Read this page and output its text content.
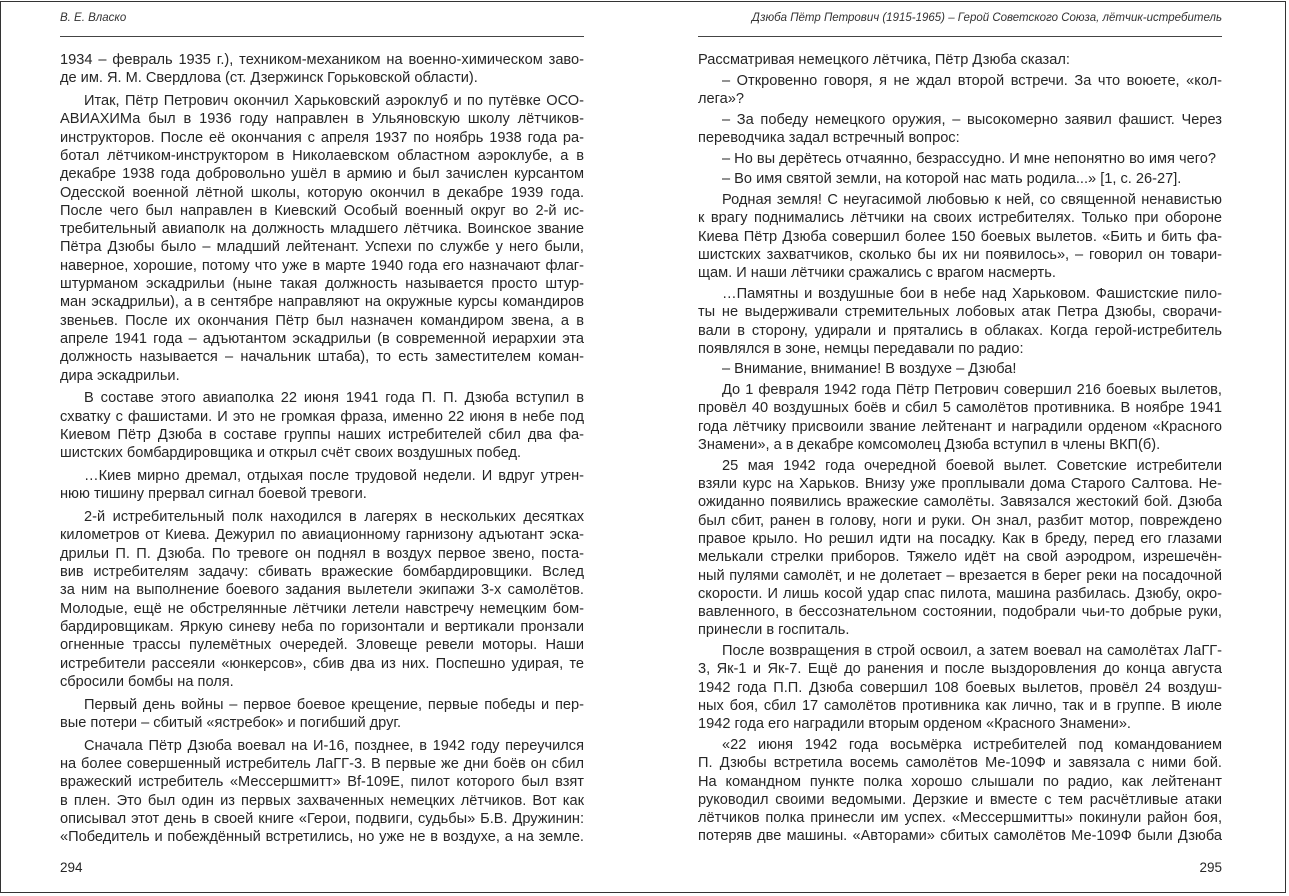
В. Е. Власко
1934 – февраль 1935 г.), техником-механиком на военно-химическом заво-
де им. Я. М. Свердлова (ст. Дзержинск Горьковской области).
Итак, Пётр Петрович окончил Харьковский аэроклуб и по путёвке ОСО-
АВИАХИМа был в 1936 году направлен в Ульяновскую школу лётчиков-
инструкторов. После её окончания с апреля 1937 по ноябрь 1938 года ра-
ботал лётчиком-инструктором в Николаевском областном аэроклубе, а в
декабре 1938 года добровольно ушёл в армию и был зачислен курсантом
Одесской военной лётной школы, которую окончил в декабре 1939 года.
После чего был направлен в Киевский Особый военный округ во 2-й ис-
требительный авиаполк на должность младшего лётчика. Воинское звание
Пётра Дзюбы было – младший лейтенант. Успехи по службе у него были,
наверное, хорошие, потому что уже в марте 1940 года его назначают флаг-
штурманом эскадрильи (ныне такая должность называется просто штур-
ман эскадрильи), а в сентябре направляют на окружные курсы командиров
звеньев. После их окончания Пётр был назначен командиром звена, а в
апреле 1941 года – адъютантом эскадрильи (в современной иерархии эта
должность называется – начальник штаба), то есть заместителем коман-
дира эскадрильи.
В составе этого авиаполка 22 июня 1941 года П. П. Дзюба вступил в
схватку с фашистами. И это не громкая фраза, именно 22 июня в небе под
Киевом Пётр Дзюба в составе группы наших истребителей сбил два фа-
шистских бомбардировщика и открыл счёт своих воздушных побед.
…Киев мирно дремал, отдыхая после трудовой недели. И вдруг утрен-
нюю тишину прервал сигнал боевой тревоги.
2-й истребительный полк находился в лагерях в нескольких десятках
километров от Киева. Дежурил по авиационному гарнизону адъютант эска-
дрильи П. П. Дзюба. По тревоге он поднял в воздух первое звено, поста-
вив истребителям задачу: сбивать вражеские бомбардировщики. Вслед
за ним на выполнение боевого задания вылетели экипажи 3-х самолётов.
Молодые, ещё не обстрелянные лётчики летели навстречу немецким бом-
бардировщикам. Яркую синеву неба по горизонтали и вертикали пронзали
огненные трассы пулемётных очередей. Зловеще ревели моторы. Наши
истребители рассеяли «юнкерсов», сбив два из них. Поспешно удирая, те
сбросили бомбы на поля.
Первый день войны – первое боевое крещение, первые победы и пер-
вые потери – сбитый «ястребок» и погибший друг.
Сначала Пётр Дзюба воевал на И-16, позднее, в 1942 году переучился
на более совершенный истребитель ЛаГГ-3. В первые же дни боёв он сбил
вражеский истребитель «Мессершмитт» Bf-109E, пилот которого был взят
в плен. Это был один из первых захваченных немецких лётчиков. Вот как
описывал этот день в своей книге «Герои, подвиги, судьбы» Б.В. Дружинин:
«Победитель и побеждённый встретились, но уже не в воздухе, а на земле.
294
Дзюба Пётр Петрович (1915-1965) – Герой Советского Союза, лётчик-истребитель
Рассматривая немецкого лётчика, Пётр Дзюба сказал:
– Откровенно говоря, я не ждал второй встречи. За что воюете, «кол-
лега»?
– За победу немецкого оружия, – высокомерно заявил фашист. Через
переводчика задал встречный вопрос:
– Но вы дерётесь отчаянно, безрассудно. И мне непонятно во имя чего?
– Во имя святой земли, на которой нас мать родила...» [1, с. 26-27].
Родная земля! С неугасимой любовью к ней, со священной ненавистью
к врагу поднимались лётчики на своих истребителях. Только при обороне
Киева Пётр Дзюба совершил более 150 боевых вылетов. «Бить и бить фа-
шистских захватчиков, сколько бы их ни появилось», – говорил он товари-
щам. И наши лётчики сражались с врагом насмерть.
…Памятны и воздушные бои в небе над Харьковом. Фашистские пило-
ты не выдерживали стремительных лобовых атак Петра Дзюбы, сворачи-
вали в сторону, удирали и прятались в облаках. Когда герой-истребитель
появлялся в зоне, немцы передавали по радио:
– Внимание, внимание! В воздухе – Дзюба!
До 1 февраля 1942 года Пётр Петрович совершил 216 боевых вылетов,
провёл 40 воздушных боёв и сбил 5 самолётов противника. В ноябре 1941
года лётчику присвоили звание лейтенант и наградили орденом «Красного
Знамени», а в декабре комсомолец Дзюба вступил в члены ВКП(б).
25 мая 1942 года очередной боевой вылет. Советские истребители
взяли курс на Харьков. Внизу уже проплывали дома Старого Салтова. Не-
ожиданно появились вражеские самолёты. Завязался жестокий бой. Дзюба
был сбит, ранен в голову, ноги и руки. Он знал, разбит мотор, повреждено
правое крыло. Но решил идти на посадку. Как в бреду, перед его глазами
мелькали стрелки приборов. Тяжело идёт на свой аэродром, изрешечён-
ный пулями самолёт, и не долетает – врезается в берег реки на посадочной
скорости. И лишь косой удар спас пилота, машина разбилась. Дзюбу, окро-
вавленного, в бессознательном состоянии, подобрали чьи-то добрые руки,
принесли в госпиталь.
После возвращения в строй освоил, а затем воевал на самолётах ЛаГГ-
3, Як-1 и Як-7. Ещё до ранения и после выздоровления до конца августа
1942 года П.П. Дзюба совершил 108 боевых вылетов, провёл 24 воздуш-
ных боя, сбил 17 самолётов противника как лично, так и в группе. В июле
1942 года его наградили вторым орденом «Красного Знамени».
«22 июня 1942 года восьмёрка истребителей под командованием
П. Дзюбы встретила восемь самолётов Ме-109Ф и завязала с ними бой.
На командном пункте полка хорошо слышали по радио, как лейтенант
руководил своими ведомыми. Дерзкие и вместе с тем расчётливые атаки
лётчиков полка принесли им успех. «Мессершмитты» покинули район боя,
потеряв две машины. «Авторами» сбитых самолётов Ме-109Ф были Дзюба
295
